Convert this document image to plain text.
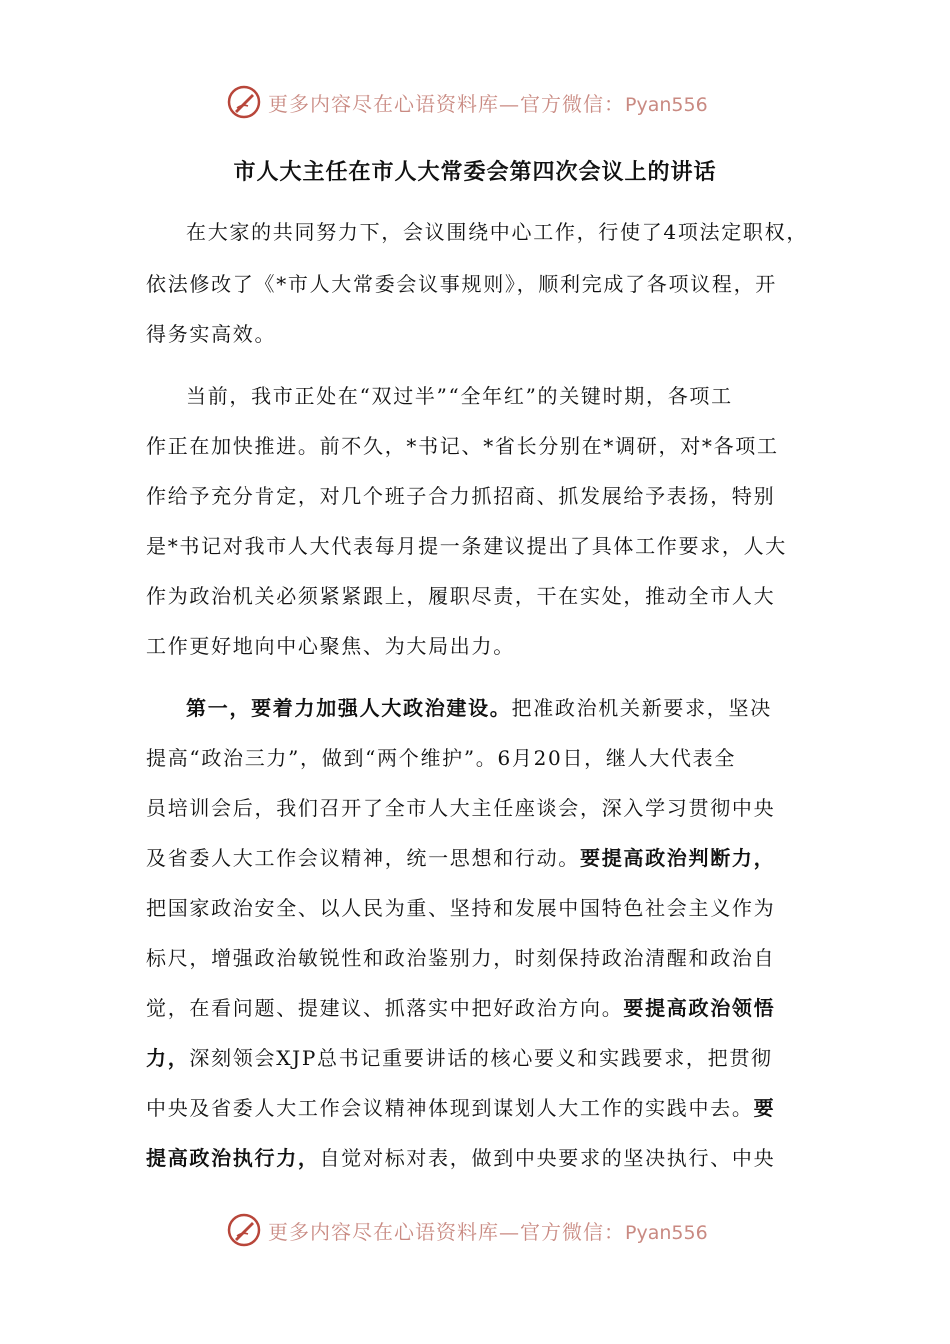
更多内容尽在心语资料库—官方微信：Pyan556
市人大主任在市人大常委会第四次会议上的讲话
在大家的共同努力下，会议围绕中心工作，行使了4项法定职权，
依法修改了《*市人大常委会议事规则》，顺利完成了各项议程，开
得务实高效。
当前，我市正处在“双过半”“全年红”的关键时期，各项工
作正在加快推进。前不久，*书记、*省长分别在*调研，对*各项工
作给予充分肯定，对几个班子合力抓招商、抓发展给予表扬，特别
是*书记对我市人大代表每月提一条建议提出了具体工作要求，人大
作为政治机关必须紧紧跟上，履职尽责，干在实处，推动全市人大
工作更好地向中心聚焦、为大局出力。
第一，要着力加强人大政治建设。把准政治机关新要求，坚决
提高“政治三力”，做到“两个维护”。6月20日，继人大代表全
员培训会后，我们召开了全市人大主任座谈会，深入学习贯彻中央
及省委人大工作会议精神，统一思想和行动。要提高政治判断力，
把国家政治安全、以人民为重、坚持和发展中国特色社会主义作为
标尺，增强政治敏锐性和政治鉴别力，时刻保持政治清醒和政治自
觉，在看问题、提建议、抓落实中把好政治方向。要提高政治领悟
力，深刻领会XJP总书记重要讲话的核心要义和实践要求，把贯彻
中央及省委人大工作会议精神体现到谋划人大工作的实践中去。要
提高政治执行力，自觉对标对表，做到中央要求的坚决执行、中央
更多内容尽在心语资料库—官方微信：Pyan556
